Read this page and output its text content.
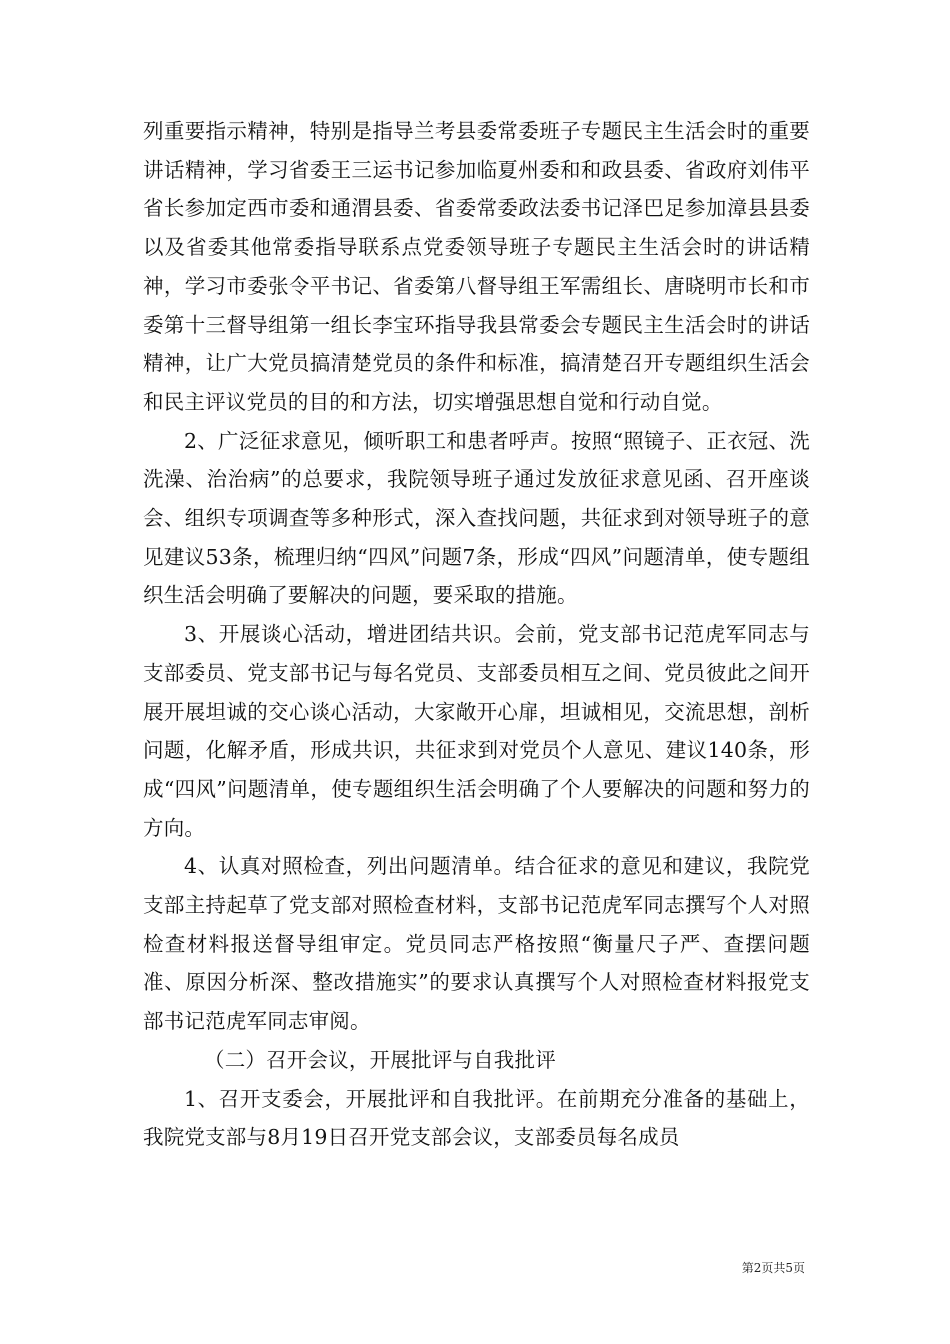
列重要指示精神，特别是指导兰考县委常委班子专题民主生活会时的重要讲话精神，学习省委王三运书记参加临夏州委和和政县委、省政府刘伟平省长参加定西市委和通渭县委、省委常委政法委书记泽巴足参加漳县县委以及省委其他常委指导联系点党委领导班子专题民主生活会时的讲话精神，学习市委张令平书记、省委第八督导组王军需组长、唐晓明市长和市委第十三督导组第一组长李宝环指导我县常委会专题民主生活会时的讲话精神，让广大党员搞清楚党员的条件和标准，搞清楚召开专题组织生活会和民主评议党员的目的和方法，切实增强思想自觉和行动自觉。

2、广泛征求意见，倾听职工和患者呼声。按照“照镜子、正衣冠、洗洗澡、治治病”的总要求，我院领导班子通过发放征求意见函、召开座谈会、组织专项调查等多种形式，深入查找问题，共征求到对领导班子的意见建议53条，梳理归纳“四风”问题7条，形成“四风”问题清单，使专题组织生活会明确了要解决的问题，要采取的措施。

3、开展谈心活动，增进团结共识。会前，党支部书记范虎军同志与支部委员、党支部书记与每名党员、支部委员相互之间、党员彼此之间开展开展坦诚的交心谈心活动，大家敞开心扉，坦诚相见，交流思想，剖析问题，化解矛盾，形成共识，共征求到对党员个人意见、建议140条，形成“四风”问题清单，使专题组织生活会明确了个人要解决的问题和努力的方向。

4、认真对照检查，列出问题清单。结合征求的意见和建议，我院党支部主持起草了党支部对照检查材料，支部书记范虎军同志撰写个人对照检查材料报送督导组审定。党员同志严格按照“衡量尺子严、查摆问题准、原因分析深、整改措施实”的要求认真撰写个人对照检查材料报党支部书记范虎军同志审阅。

（二）召开会议，开展批评与自我批评

1、召开支委会，开展批评和自我批评。在前期充分准备的基础上，我院党支部与8月19日召开党支部会议，支部委员每名成员

第2页共5页
